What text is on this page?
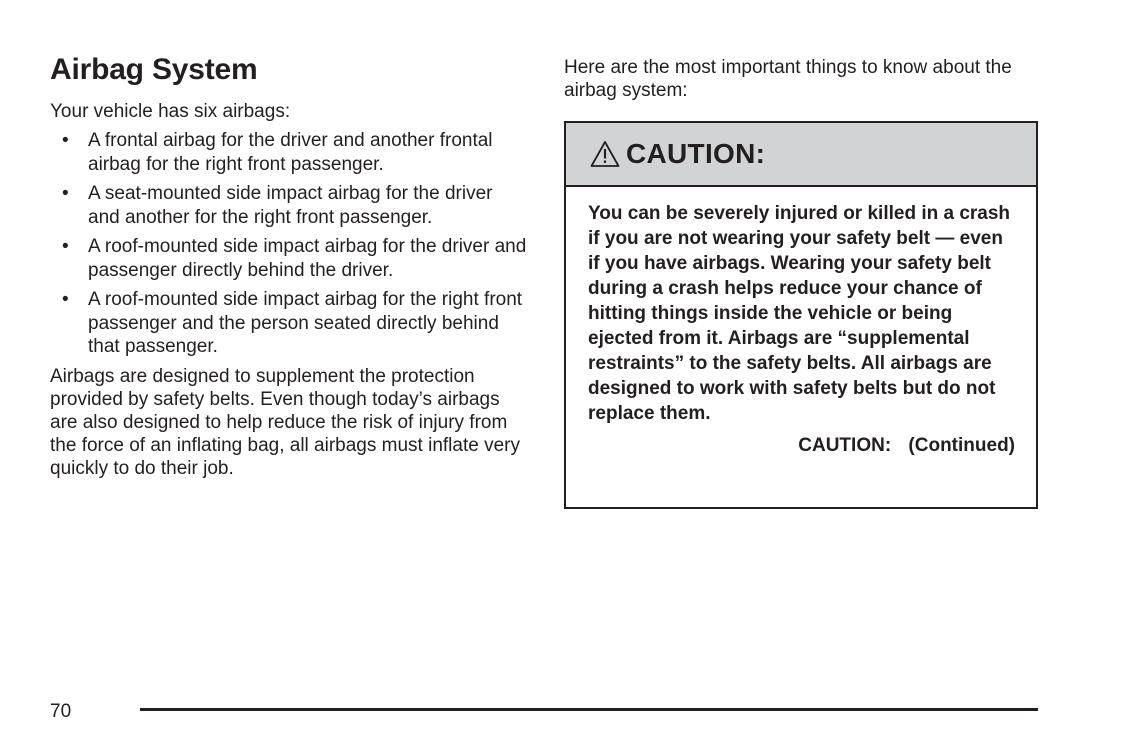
Airbag System

Your vehicle has six airbags:

• A frontal airbag for the driver and another frontal airbag for the right front passenger.
• A seat-mounted side impact airbag for the driver and another for the right front passenger.
• A roof-mounted side impact airbag for the driver and passenger directly behind the driver.
• A roof-mounted side impact airbag for the right front passenger and the person seated directly behind that passenger.

Airbags are designed to supplement the protection provided by safety belts. Even though today’s airbags are also designed to help reduce the risk of injury from the force of an inflating bag, all airbags must inflate very quickly to do their job.

Here are the most important things to know about the airbag system:

CAUTION:
You can be severely injured or killed in a crash if you are not wearing your safety belt — even if you have airbags. Wearing your safety belt during a crash helps reduce your chance of hitting things inside the vehicle or being ejected from it. Airbags are “supplemental restraints” to the safety belts. All airbags are designed to work with safety belts but do not replace them.
CAUTION: (Continued)
70
